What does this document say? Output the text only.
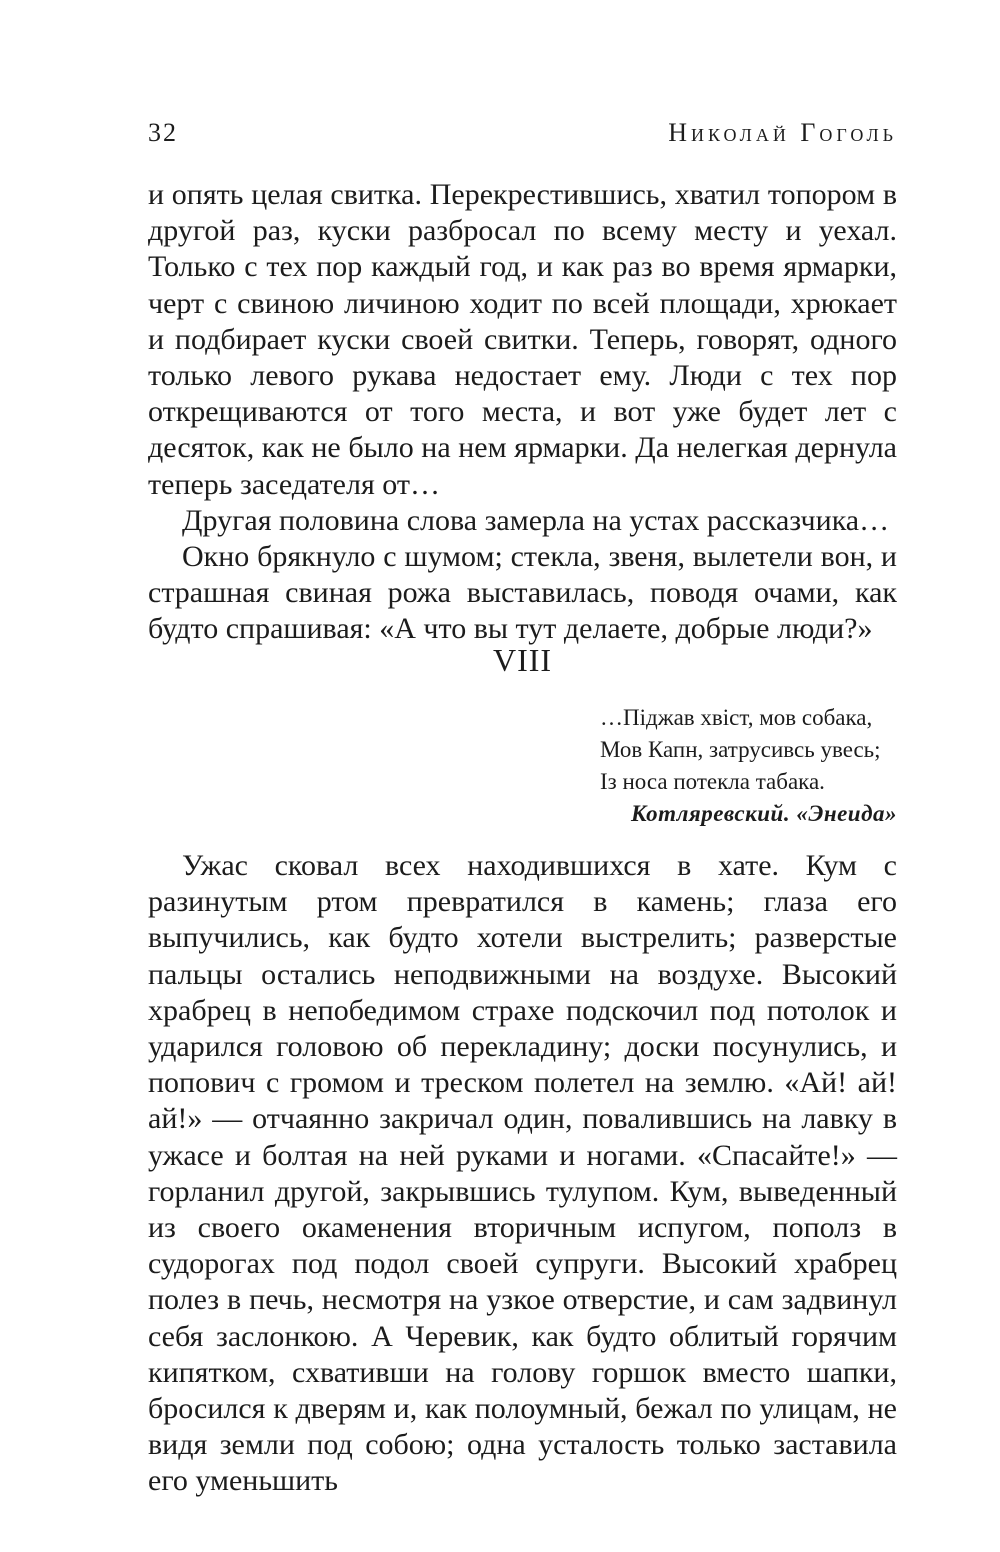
32	Николай Гоголь

и опять целая свитка. Перекрестившись, хватил топором в другой раз, куски разбросал по всему месту и уехал. Только с тех пор каждый год, и как раз во время ярмарки, черт с свиною личиною ходит по всей площади, хрюкает и подбирает куски своей свитки. Теперь, говорят, одного только левого рукава недостает ему. Люди с тех пор открещиваются от того места, и вот уже будет лет с десяток, как не было на нем ярмарки. Да нелегкая дернула теперь заседателя от…

Другая половина слова замерла на устах рассказчика…

Окно брякнуло с шумом; стекла, звеня, вылетели вон, и страшная свиная рожа выставилась, поводя очами, как будто спрашивая: «А что вы тут делаете, добрые люди?»

VIII
…Піджав хвіст, мов собака,
Мов Капн, затрусивсь увесь;
Із носа потекла табака.
Котляревский. «Энеида»

Ужас сковал всех находившихся в хате. Кум с разинутым ртом превратился в камень; глаза его выпучились, как будто хотели выстрелить; разверстые пальцы остались неподвижными на воздухе. Высокий храбрец в непобедимом страхе подскочил под потолок и ударился головою об перекладину; доски посунулись, и попович с громом и треском полетел на землю. «Ай! ай! ай!» — отчаянно закричал один, повалившись на лавку в ужасе и болтая на ней руками и ногами. «Спасайте!» — горланил другой, закрывшись тулупом. Кум, выведенный из своего окаменения вторичным испугом, пополз в судорогах под подол своей супруги. Высокий храбрец полез в печь, несмотря на узкое отверстие, и сам задвинул себя заслонкою. А Черевик, как будто облитый горячим кипятком, схвативши на голову горшок вместо шапки, бросился к дверям и, как полоумный, бежал по улицам, не видя земли под собою; одна усталость только заставила его уменьшить
